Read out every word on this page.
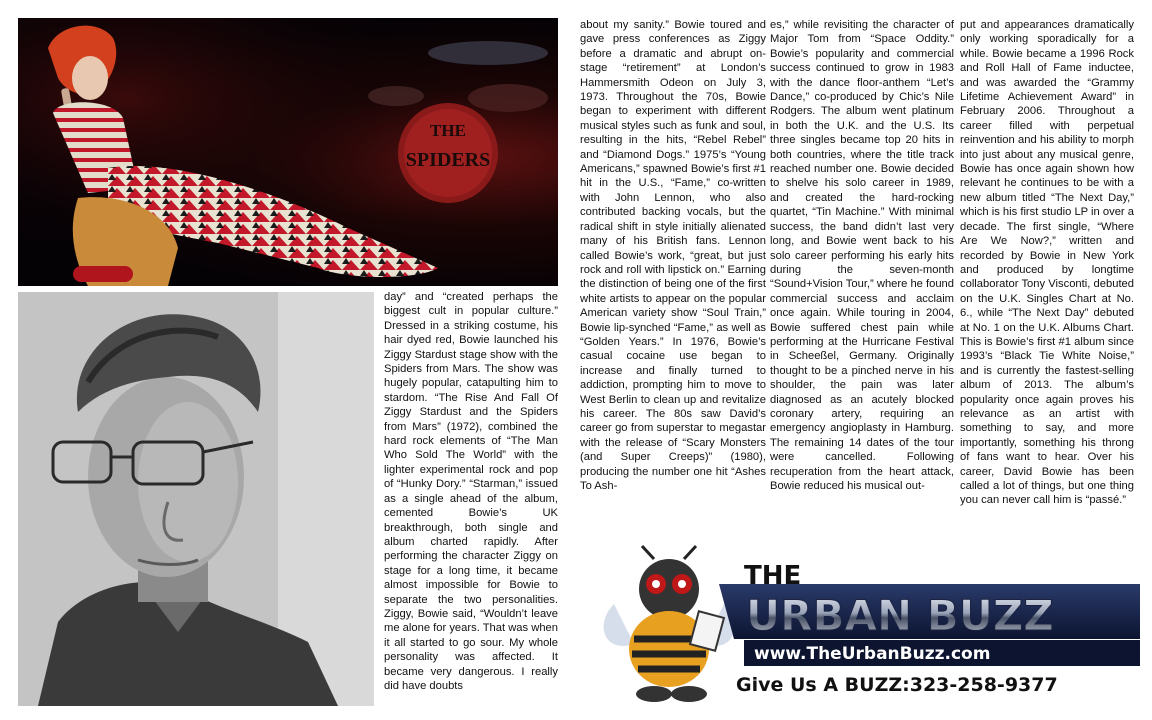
THE
SPIDERS

day” and “created perhaps the biggest cult in popular culture.” Dressed in a striking costume, his hair dyed red, Bowie launched his Ziggy Stardust stage show with the Spiders from Mars. The show was hugely popular, catapulting him to stardom. “The Rise And Fall Of Ziggy Stardust and the Spiders from Mars” (1972), combined the hard rock elements of “The Man Who Sold The World” with the lighter experimental rock and pop of “Hunky Dory.” “Starman,” issued as a single ahead of the album, cemented Bowie’s UK breakthrough, both single and album charted rapidly. After performing the character Ziggy on stage for a long time, it became almost impossible for Bowie to separate the two personalities. Ziggy, Bowie said, “Wouldn’t leave me alone for years. That was when it all started to go sour. My whole personality was affected. It became very dangerous. I really did have doubts

about my sanity.” Bowie toured and gave press conferences as Ziggy before a dramatic and abrupt on-stage “retirement” at London’s Hammersmith Odeon on July 3, 1973. Throughout the 70s, Bowie began to experiment with different musical styles such as funk and soul, resulting in the hits, “Rebel Rebel” and “Diamond Dogs.” 1975’s “Young Americans,” spawned Bowie’s first #1 hit in the U.S., “Fame,” co-written with John Lennon, who also contributed backing vocals, but the radical shift in style initially alienated many of his British fans. Lennon called Bowie’s work, “great, but just rock and roll with lipstick on.” Earning the distinction of being one of the first white artists to appear on the popular American variety show “Soul Train,” Bowie lip-synched “Fame,” as well as “Golden Years.” In 1976, Bowie’s casual cocaine use began to increase and finally turned to addiction, prompting him to move to West Berlin to clean up and revitalize his career. The 80s saw David’s career go from superstar to megastar with the release of “Scary Monsters (and Super Creeps)” (1980), producing the number one hit “Ashes To Ash-

es,” while revisiting the character of Major Tom from “Space Oddity.” Bowie’s popularity and commercial success continued to grow in 1983 with the dance floor-anthem “Let’s Dance,” co-produced by Chic’s Nile Rodgers. The album went platinum in both the U.K. and the U.S. Its three singles became top 20 hits in both countries, where the title track reached number one. Bowie decided to shelve his solo career in 1989, and created the hard-rocking quartet, “Tin Machine.” With minimal success, the band didn’t last very long, and Bowie went back to his solo career performing his early hits during the seven-month “Sound+Vision Tour,” where he found commercial success and acclaim once again. While touring in 2004, Bowie suffered chest pain while performing at the Hurricane Festival in Scheeßel, Germany. Originally thought to be a pinched nerve in his shoulder, the pain was later diagnosed as an acutely blocked coronary artery, requiring an emergency angioplasty in Hamburg. The remaining 14 dates of the tour were cancelled. Following recuperation from the heart attack, Bowie reduced his musical out-

put and appearances dramatically only working sporadically for a while. Bowie became a 1996 Rock and Roll Hall of Fame inductee, and was awarded the “Grammy Lifetime Achievement Award” in February 2006. Throughout a career filled with perpetual reinvention and his ability to morph into just about any musical genre, Bowie has once again shown how relevant he continues to be with a new album titled “The Next Day,” which is his first studio LP in over a decade. The first single, “Where Are We Now?,” written and recorded by Bowie in New York and produced by longtime collaborator Tony Visconti, debuted on the U.K. Singles Chart at No. 6., while “The Next Day” debuted at No. 1 on the U.K. Albums Chart. This is Bowie’s first #1 album since 1993’s “Black Tie White Noise,” and is currently the fastest-selling album of 2013. The album’s popularity once again proves his relevance as an artist with something to say, and more importantly, something his throng of fans want to hear. Over his career, David Bowie has been called a lot of things, but one thing you can never call him is “passé.”

THE
URBAN BUZZ
www.TheUrbanBuzz.com
Give Us A BUZZ:323-258-9377
